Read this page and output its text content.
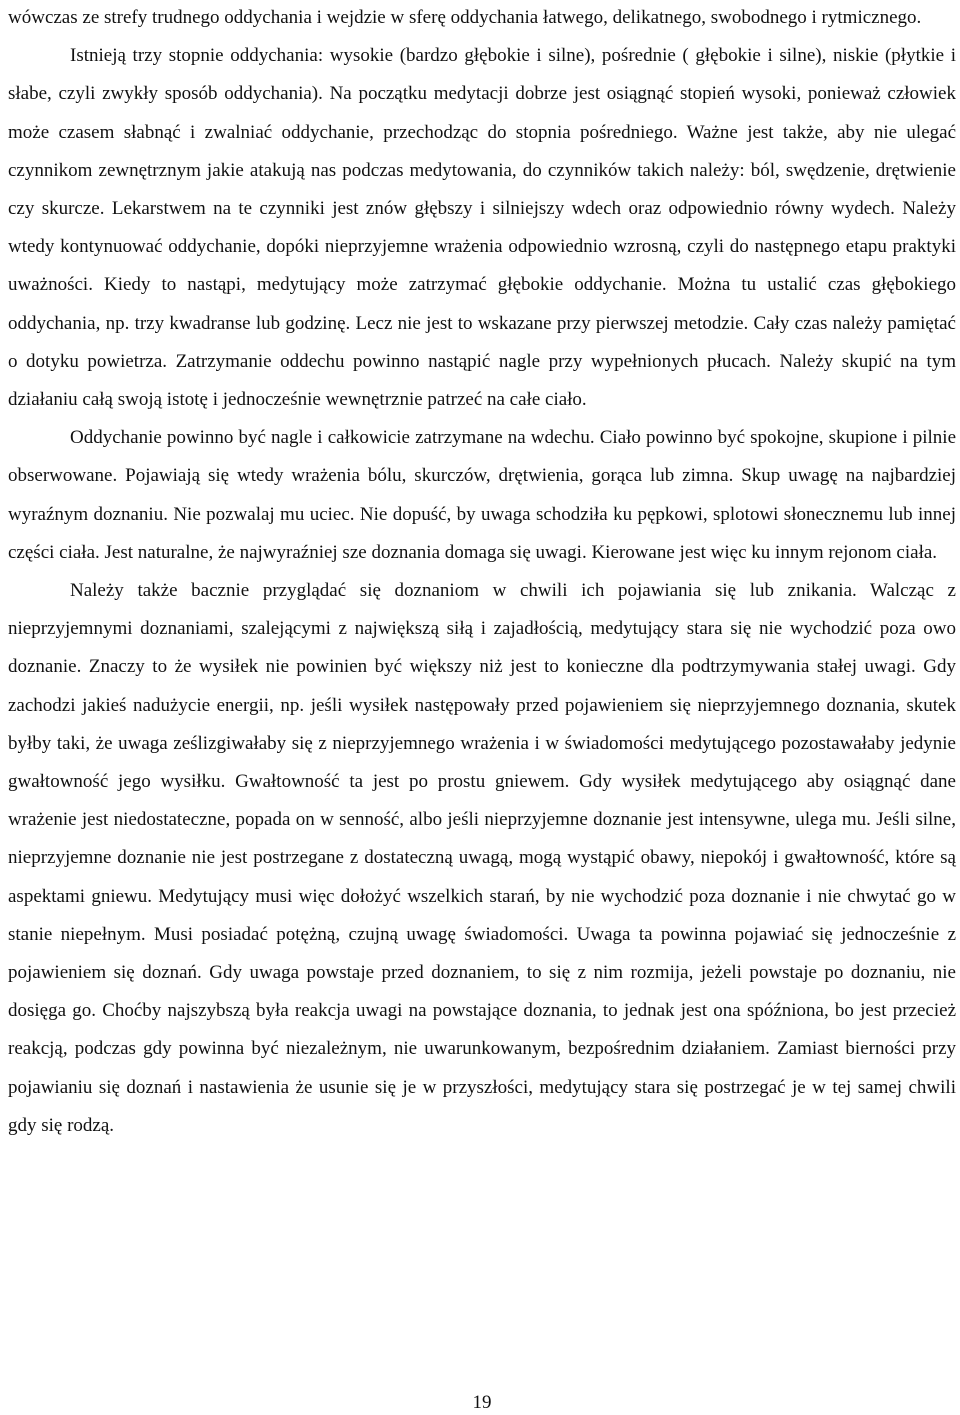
wówczas ze strefy trudnego oddychania i wejdzie w sferę oddychania łatwego, delikatnego, swobodnego i rytmicznego.

Istnieją trzy stopnie oddychania: wysokie (bardzo głębokie i silne), pośrednie ( głębokie i silne), niskie (płytkie i słabe, czyli zwykły sposób oddychania). Na początku medytacji dobrze jest osiągnąć stopień wysoki, ponieważ człowiek może czasem słabnąć i zwalniać oddychanie, przechodząc do stopnia pośredniego. Ważne jest także, aby nie ulegać czynnikom zewnętrznym jakie atakują nas podczas medytowania, do czynników takich należy: ból, swędzenie, drętwienie czy skurcze. Lekarstwem na te czynniki jest znów głębszy i silniejszy wdech oraz odpowiednio równy wydech. Należy wtedy kontynuować oddychanie, dopóki nieprzyjemne wrażenia odpowiednio wzrosną, czyli do następnego etapu praktyki uważności. Kiedy to nastąpi, medytujący może zatrzymać głębokie oddychanie. Można tu ustalić czas głębokiego oddychania, np. trzy kwadranse lub godzinę. Lecz nie jest to wskazane przy pierwszej metodzie. Cały czas należy pamiętać o dotyku powietrza. Zatrzymanie oddechu powinno nastąpić nagle przy wypełnionych płucach. Należy skupić na tym działaniu całą swoją istotę i jednocześnie wewnętrznie patrzeć na całe ciało.

Oddychanie powinno być nagle i całkowicie zatrzymane na wdechu. Ciało powinno być spokojne, skupione i pilnie obserwowane. Pojawiają się wtedy wrażenia bólu, skurczów, drętwienia, gorąca lub zimna. Skup uwagę na najbardziej wyraźnym doznaniu. Nie pozwalaj mu uciec. Nie dopuść, by uwaga schodziła ku pępkowi, splotowi słonecznemu lub innej części ciała. Jest naturalne, że najwyraźniej sze doznania domaga się uwagi. Kierowane jest więc ku innym rejonom ciała.

Należy także bacznie przyglądać się doznaniom w chwili ich pojawiania się lub znikania. Walcząc z nieprzyjemnymi doznaniami, szalejącymi z największą siłą i zajadłością, medytujący stara się nie wychodzić poza owo doznanie. Znaczy to że wysiłek nie powinien być większy niż jest to konieczne dla podtrzymywania stałej uwagi. Gdy zachodzi jakieś nadużycie energii, np. jeśli wysiłek następowały przed pojawieniem się nieprzyjemnego doznania, skutek byłby taki, że uwaga ześlizgiwałaby się z nieprzyjemnego wrażenia i w świadomości medytującego pozostawałaby jedynie gwałtowność jego wysiłku. Gwałtowność ta jest po prostu gniewem. Gdy wysiłek medytującego aby osiągnąć dane wrażenie jest niedostateczne, popada on w senność, albo jeśli nieprzyjemne doznanie jest intensywne, ulega mu. Jeśli silne, nieprzyjemne doznanie nie jest postrzegane z dostateczną uwagą, mogą wystąpić obawy, niepokój i gwałtowność, które są aspektami gniewu. Medytujący musi więc dołożyć wszelkich starań, by nie wychodzić poza doznanie i nie chwytać go w stanie niepełnym. Musi posiadać potężną, czujną uwagę świadomości. Uwaga ta powinna pojawiać się jednocześnie z pojawieniem się doznań. Gdy uwaga powstaje przed doznaniem, to się z nim rozmija, jeżeli powstaje po doznaniu, nie dosięga go. Choćby najszybszą była reakcja uwagi na powstające doznania, to jednak jest ona spóźniona, bo jest przecież reakcją, podczas gdy powinna być niezależnym, nie uwarunkowanym, bezpośrednim działaniem. Zamiast bierności przy pojawianiu się doznań i nastawienia że usunie się je w przyszłości, medytujący stara się postrzegać je w tej samej chwili gdy się rodzą.

19
